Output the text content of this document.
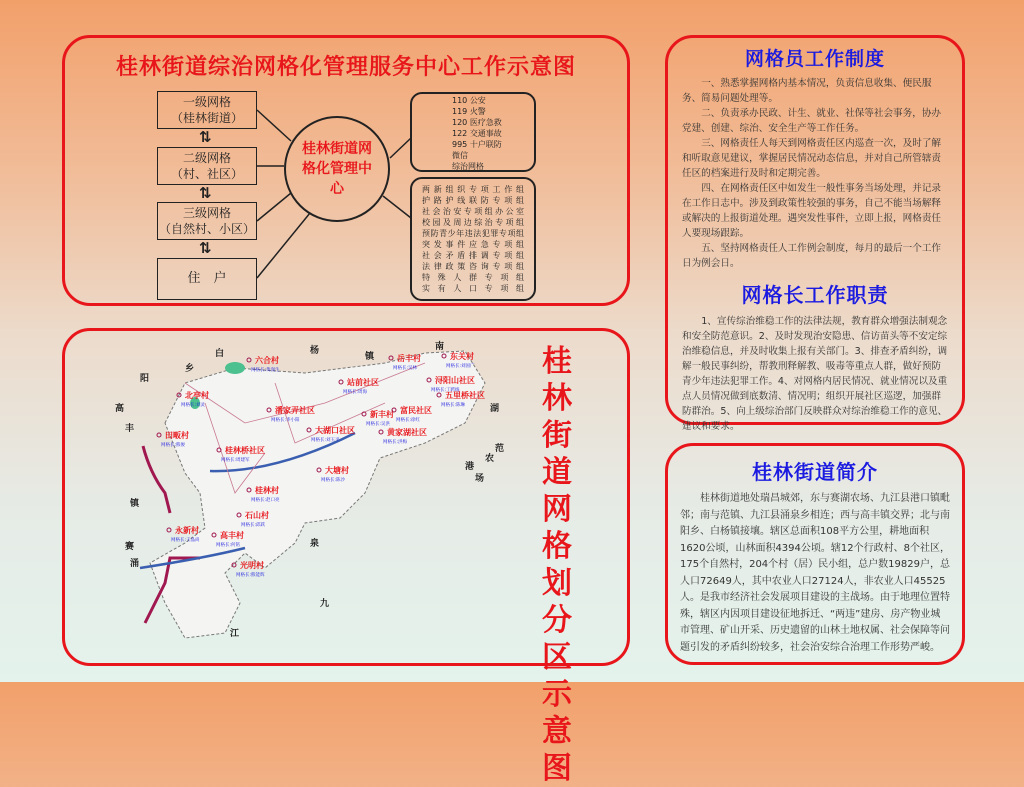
桂林街道综治网格化管理服务中心工作示意图
一级网格
（桂林街道）
⇅
二级网格
（村、社区）
⇅
三级网格
（自然村、小区）
⇅
住　户
桂林街道网格化管理中心
110 公安
119 火警
120 医疗急救
122 交通事故
995 十户联防
微信
综治网格
两新组织专项工作组
护路护线联防专项组
社会治安专项组办公室
校园及周边综治专项组
预防青少年违法犯罪专项组
突发事件应急专项组
社会矛盾排调专项组
法律政策咨询专项组
特殊人群专项组
实有人口专项组
六合村
网格长:黄润生
北亭村
网格长:刘灵
田畈村
网格长:熊俊
潘家弄社区
网格长:李小阳
站前社区
网格长:周海
新丰村
网格长:吴洪
东关村
网格长:刘国广
岳丰村
网格长:吴林
浔阳山社区
网格长:丁跨线
富民社区
网格长:徐红
五里桥社区
网格长:陈琳
大湖口社区
网格长:刘玉平
黄家湖社区
网格长:洪梅
桂林桥社区
网格长:周建军
大塘村
网格长:陈沙
桂林村
网格长:赵口亮
石山村
网格长:邱跃
永新村
网格长:王晶尚
高丰村
网格长:何铭
光明村
网格长:熊能辉
白	杨
镇
南
阳
乡
高
丰
镇
赛
湖
农
场
范
涌
泉
九
江
港
桂林街道网格划分区示意图
网格员工作制度
一、熟悉掌握网格内基本情况，负责信息收集、便民服务、简易问题处理等。
二、负责承办民政、计生、就业、社保等社会事务，协办党建、创建、综治、安全生产等工作任务。
三、网格责任人每天到网格责任区内巡查一次，及时了解和听取意见建议，掌握居民情况动态信息，并对自己所管辖责任区的档案进行及时和定期完善。
四、在网格责任区中如发生一般性事务当场处理，并记录在工作日志中。涉及到政策性较强的事务，自己不能当场解释或解决的上报街道处理。遇突发性事件，立即上报，网格责任人要现场跟踪。
五、坚持网格责任人工作例会制度，每月的最后一个工作日为例会日。
网格长工作职责
1、宣传综治维稳工作的法律法规，教育群众增强法制观念和安全防范意识。2、及时发现治安隐患、信访苗头等不安定综治维稳信息，并及时收集上报有关部门。3、排查矛盾纠纷，调解一般民事纠纷，帮教刑释解教、吸毒等重点人群，做好预防青少年违法犯罪工作。4、对网格内居民情况、就业情况以及重点人员情况做到底数清、情况明；组织开展社区巡逻，加强群防群治。5、向上级综治部门反映群众对综治维稳工作的意见、建议和要求。
桂林街道简介
桂林街道地处瑞昌城郊，东与赛湖农场、九江县港口镇毗邻；南与范镇、九江县涌泉乡相连；西与高丰镇交界；北与南阳乡、白杨镇接壤。辖区总面积108平方公里，耕地面积1620公顷，山林面积4394公顷。辖12个行政村、8个社区，175个自然村，204个村（居）民小组，总户数19829户，总人口72649人，其中农业人口27124人，非农业人口45525人。是我市经济社会发展项目建设的主战场。由于地理位置特殊，辖区内因项目建设征地拆迁、“两违”建房、房产物业城市管理、矿山开采、历史遗留的山林土地权属、社会保障等问题引发的矛盾纠纷较多，社会治安综合治理工作形势严峻。
